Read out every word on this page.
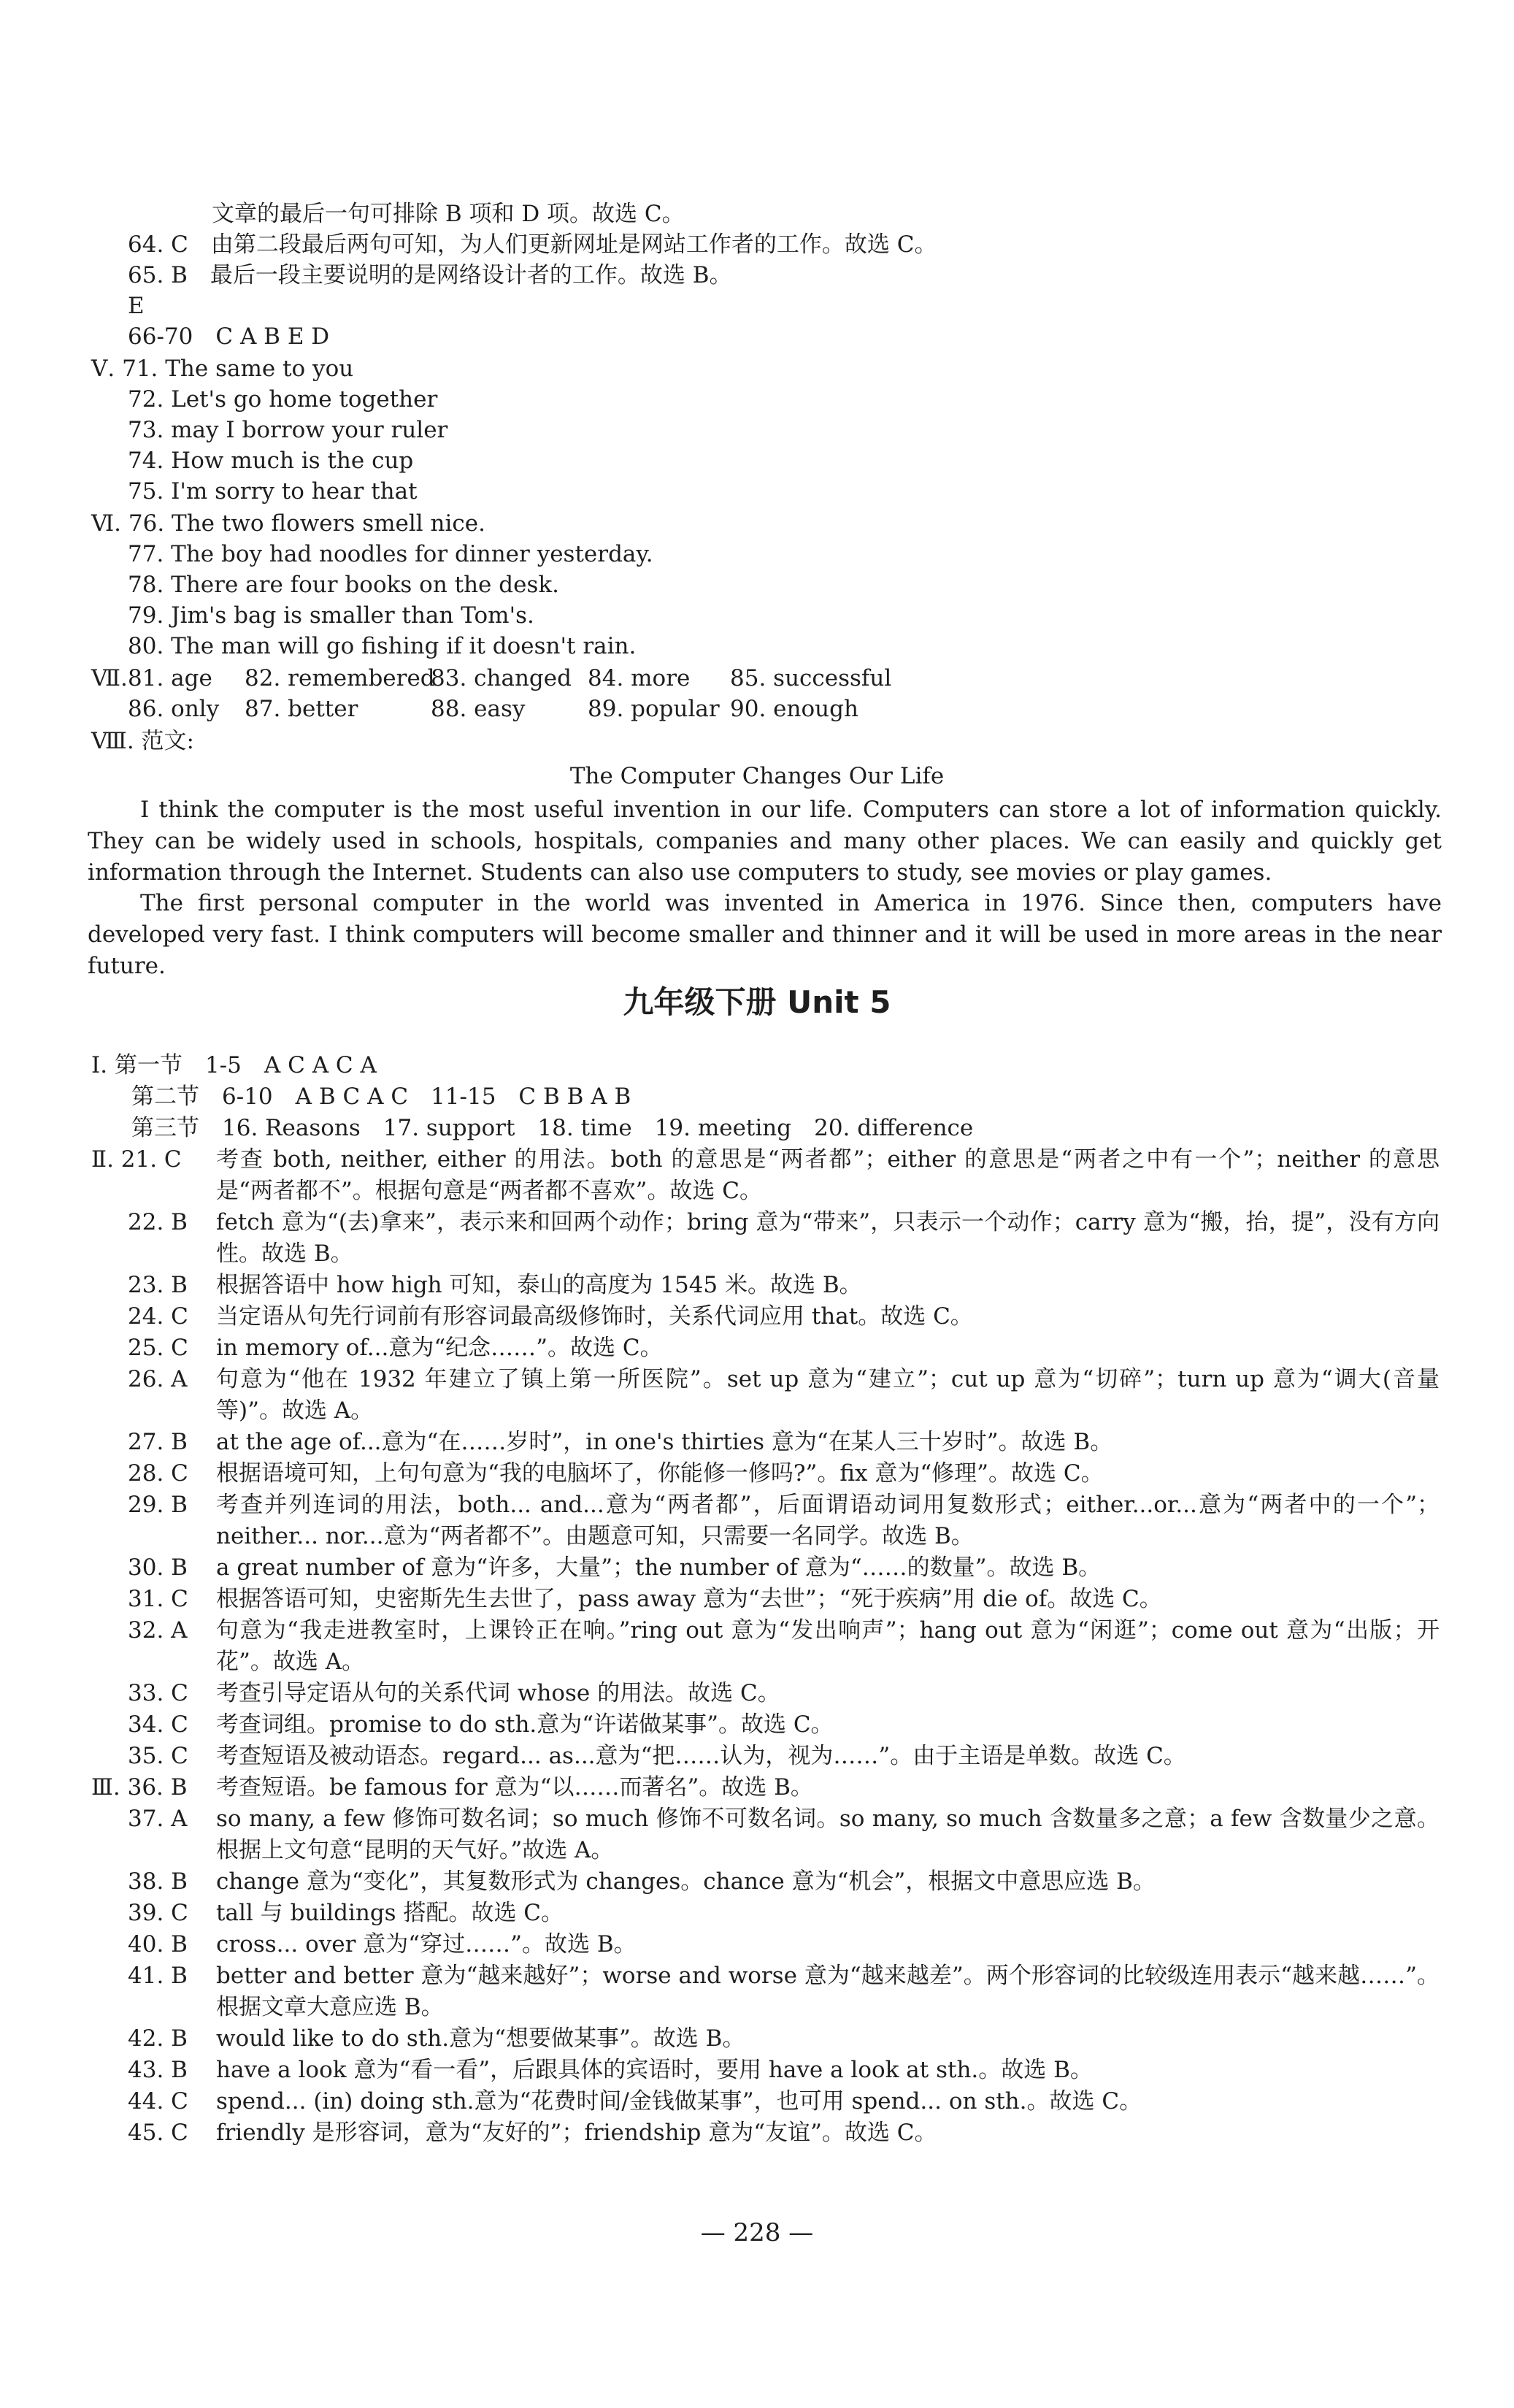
文章的最后一句可排除 B 项和 D 项。故选 C。
64. C　由第二段最后两句可知，为人们更新网址是网站工作者的工作。故选 C。
65. B　最后一段主要说明的是网络设计者的工作。故选 B。
E
66-70　C A B E D
Ⅴ. 71. The same to you
72. Let's go home together
73. may I borrow your ruler
74. How much is the cup
75. I'm sorry to hear that
Ⅵ. 76. The two flowers smell nice.
77. The boy had noodles for dinner yesterday.
78. There are four books on the desk.
79. Jim's bag is smaller than Tom's.
80. The man will go fishing if it doesn't rain.
Ⅶ. 81. age 82. remembered
83. changed 84. more 85. successful
86. only 87. better	88. easy	89. popular 90. enough
Ⅷ. 范文:
The Computer Changes Our Life
I think the computer is the most useful invention in our life. Computers can store a lot of information quickly. They can be widely used in schools, hospitals, companies and many other places. We can easily and quickly get information through the Internet. Students can also use computers to study, see movies or play games.
The first personal computer in the world was invented in America in 1976. Since then, computers have developed very fast. I think computers will become smaller and thinner and it will be used in more areas in the near future.
九年级下册 Unit 5
Ⅰ. 第一节　1-5　A C A C A
第二节　6-10　A B C A C　11-15　C B B A B
第三节　16. Reasons　17. support　18. time　19. meeting　20. difference
Ⅱ. 21. C 考查 both, neither, either 的用法。both 的意思是“两者都”；either 的意思是“两者之中有一个”；neither 的意思是“两者都不”。根据句意是“两者都不喜欢”。故选 C。
22. B fetch 意为“(去)拿来”，表示来和回两个动作；bring 意为“带来”，只表示一个动作；carry 意为“搬，抬，提”，没有方向性。故选 B。
23. B 根据答语中 how high 可知，泰山的高度为 1545 米。故选 B。
24. C 当定语从句先行词前有形容词最高级修饰时，关系代词应用 that。故选 C。
25. C in memory of...意为“纪念……”。故选 C。
26. A 句意为“他在 1932 年建立了镇上第一所医院”。set up 意为“建立”；cut up 意为“切碎”；turn up 意为“调大(音量等)”。故选 A。
27. B at the age of...意为“在……岁时”，in one's thirties 意为“在某人三十岁时”。故选 B。
28. C 根据语境可知，上句句意为“我的电脑坏了，你能修一修吗?”。fix 意为“修理”。故选 C。
29. B 考查并列连词的用法，both... and...意为“两者都”，后面谓语动词用复数形式；either...or...意为“两者中的一个”；neither... nor...意为“两者都不”。由题意可知，只需要一名同学。故选 B。
30. B a great number of 意为“许多，大量”；the number of 意为“……的数量”。故选 B。
31. C 根据答语可知，史密斯先生去世了，pass away 意为“去世”；“死于疾病”用 die of。故选 C。
32. A 句意为“我走进教室时，上课铃正在响。”ring out 意为“发出响声”；hang out 意为“闲逛”；come out 意为“出版；开花”。故选 A。
33. C 考查引导定语从句的关系代词 whose 的用法。故选 C。
34. C 考查词组。promise to do sth.意为“许诺做某事”。故选 C。
35. C 考查短语及被动语态。regard... as...意为“把……认为，视为……”。由于主语是单数。故选 C。
Ⅲ. 36. B 考查短语。be famous for 意为“以……而著名”。故选 B。
37. A so many, a few 修饰可数名词；so much 修饰不可数名词。so many, so much 含数量多之意；a few 含数量少之意。根据上文句意“昆明的天气好。”故选 A。
38. B change 意为“变化”，其复数形式为 changes。chance 意为“机会”，根据文中意思应选 B。
39. C tall 与 buildings 搭配。故选 C。
40. B cross... over 意为“穿过……”。故选 B。
41. B better and better 意为“越来越好”；worse and worse 意为“越来越差”。两个形容词的比较级连用表示“越来越……”。根据文章大意应选 B。
42. B would like to do sth.意为“想要做某事”。故选 B。
43. B have a look 意为“看一看”，后跟具体的宾语时，要用 have a look at sth.。故选 B。
44. C spend... (in) doing sth.意为“花费时间/金钱做某事”，也可用 spend... on sth.。故选 C。
45. C friendly 是形容词，意为“友好的”；friendship 意为“友谊”。故选 C。
— 228 —
